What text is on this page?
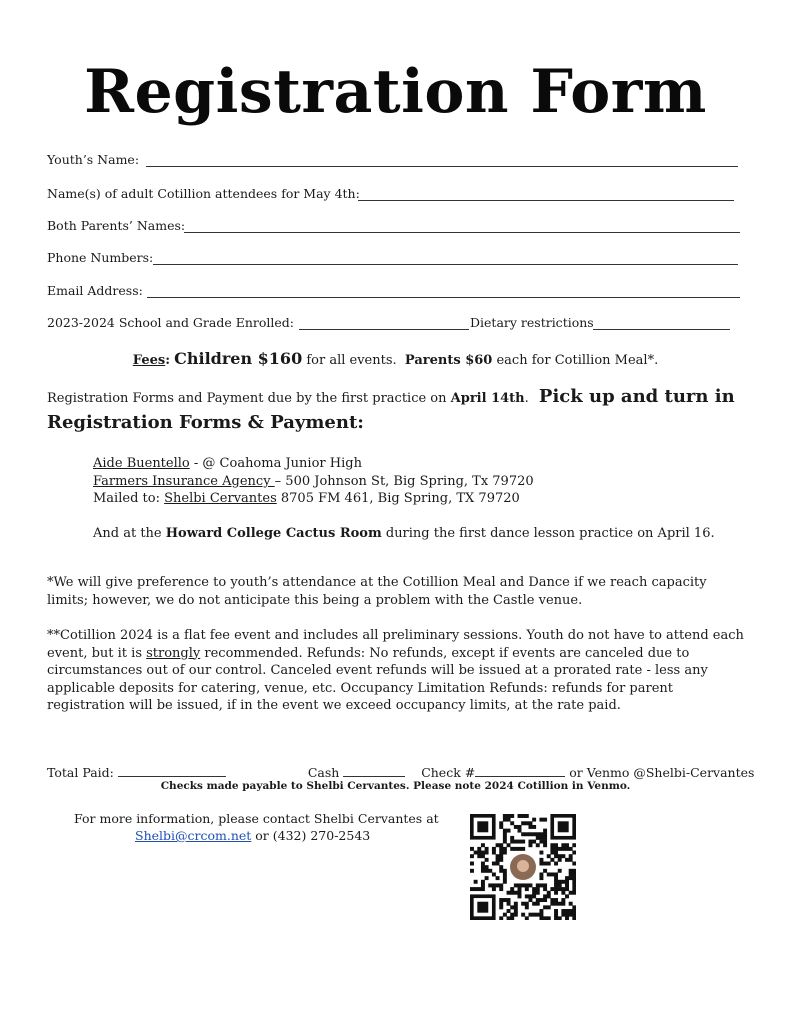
Registration Form
Youth’s Name:
Name(s) of adult Cotillion attendees for May 4th:
Both Parents’ Names:
Phone Numbers:
Email Address:
2023-2024 School and Grade Enrolled:	Dietary restrictions
Fees: Children $160 for all events. Parents $60 each for Cotillion Meal*.
Registration Forms and Payment due by the first practice on April 14th. Pick up and turn in
Registration Forms & Payment:
Aide Buentello - @ Coahoma Junior High
Farmers Insurance Agency – 500 Johnson St, Big Spring, Tx 79720
Mailed to: Shelbi Cervantes 8705 FM 461, Big Spring, TX 79720
And at the Howard College Cactus Room during the first dance lesson practice on April 16.
*We will give preference to youth’s attendance at the Cotillion Meal and Dance if we reach capacity limits; however, we do not anticipate this being a problem with the Castle venue.
**Cotillion 2024 is a flat fee event and includes all preliminary sessions. Youth do not have to attend each event, but it is strongly recommended. Refunds: No refunds, except if events are canceled due to circumstances out of our control. Canceled event refunds will be issued at a prorated rate - less any applicable deposits for catering, venue, etc. Occupancy Limitation Refunds: refunds for parent registration will be issued, if in the event we exceed occupancy limits, at the rate paid.
Total Paid:	Cash	Check #	or Venmo @Shelbi-Cervantes
Checks made payable to Shelbi Cervantes. Please note 2024 Cotillion in Venmo.
For more information, please contact Shelbi Cervantes at
Shelbi@crcom.net or (432) 270-2543
